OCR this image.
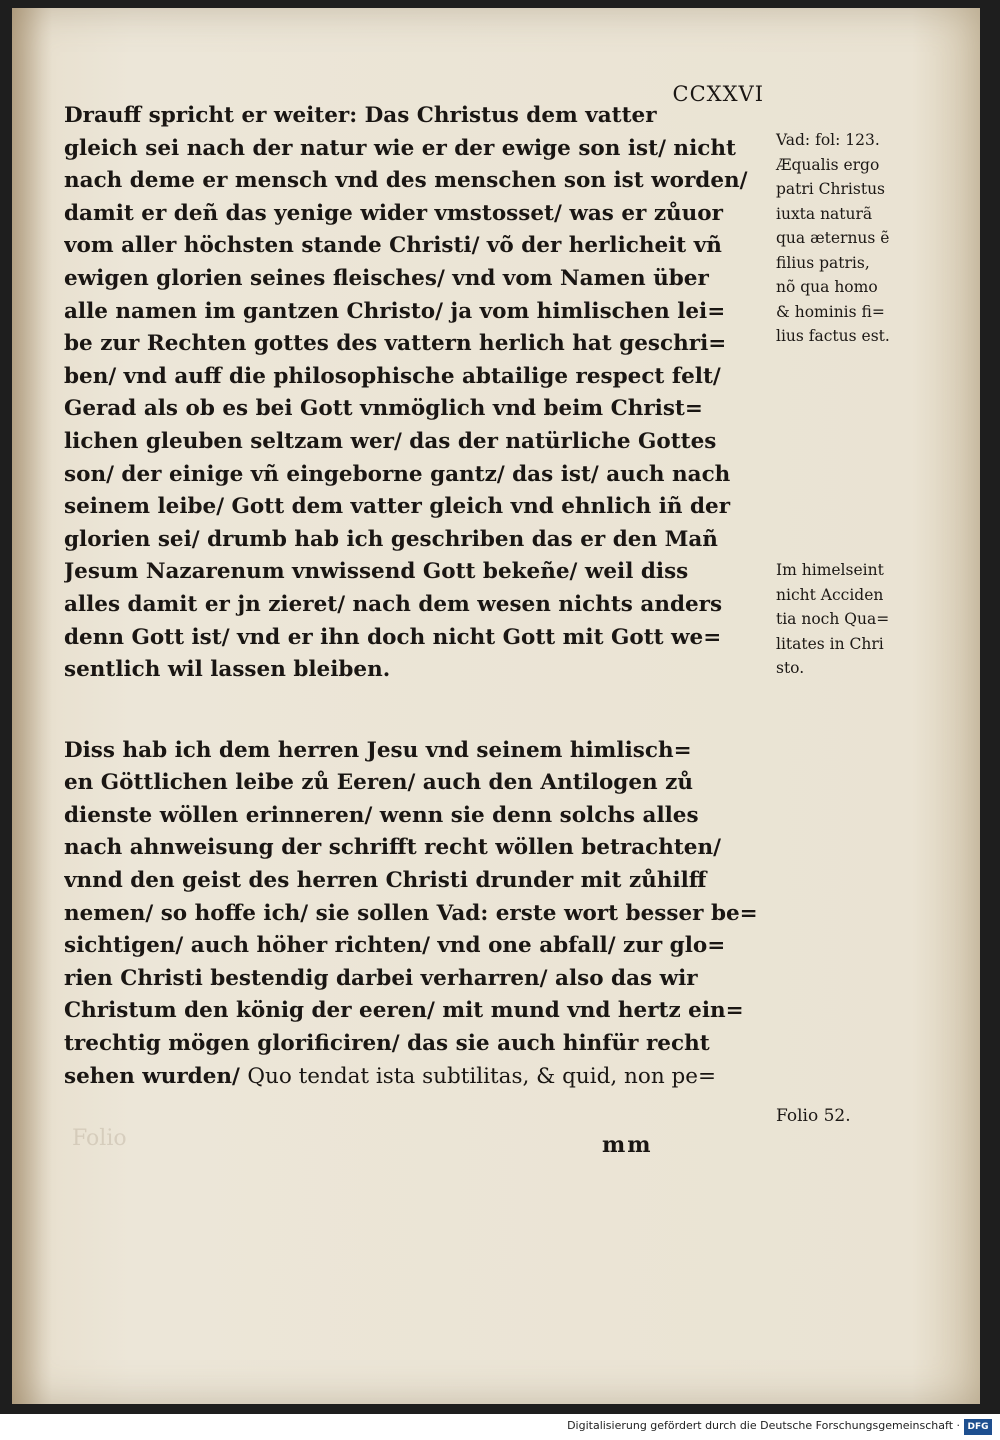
CCXXVI
Drauff spricht er weiter: Das Christus dem vatter
gleich sei nach der natur wie er der ewige son ist/ nicht
nach deme er mensch vnd des menschen son ist worden/
damit er deñ das yenige wider vmstosset/ was er zůuor
vom aller höchsten stande Christi/ võ der herlicheit vñ
ewigen glorien seines fleisches/ vnd vom Namen über
alle namen im gantzen Christo/ ja vom himlischen lei=
be zur Rechten gottes des vattern herlich hat geschri=
ben/ vnd auff die philosophische abtailige respect felt/
Gerad als ob es bei Gott vnmöglich vnd beim Christ=
lichen gleuben seltzam wer/ das der natürliche Gottes
son/ der einige vñ eingeborne gantz/ das ist/ auch nach
seinem leibe/ Gott dem vatter gleich vnd ehnlich iñ der
glorien sei/ drumb hab ich geschriben das er den Mañ
Jesum Nazarenum vnwissend Gott bekeñe/ weil diss
alles damit er jn zieret/ nach dem wesen nichts anders
denn Gott ist/ vnd er ihn doch nicht Gott mit Gott we=
sentlich wil lassen bleiben.
Diss hab ich dem herren Jesu vnd seinem himlisch=
en Göttlichen leibe zů Eeren/ auch den Antilogen zů
dienste wöllen erinneren/ wenn sie denn solchs alles
nach ahnweisung der schrifft recht wöllen betrachten/
vnnd den geist des herren Christi drunder mit zůhilff
nemen/ so hoffe ich/ sie sollen Vad: erste wort besser be=
sichtigen/ auch höher richten/ vnd one abfall/ zur glo=
rien Christi bestendig darbei verharren/ also das wir
Christum den könig der eeren/ mit mund vnd hertz ein=
trechtig mögen glorificiren/ das sie auch hinfür recht
sehen wurden/ Quo tendat ista subtilitas, & quid, non pe=
Vad: fol: 123.
Æqualis ergo
patri Christus
iuxta naturã
qua æternus ẽ
filius patris,
nõ qua homo
& hominis fi=
lius factus est.
Im himelseint
nicht Acciden
tia noch Qua=
litates in Chri
sto.
Folio 52.
mm
Folio
Digitalisierung gefördert durch die Deutsche Forschungsgemeinschaft · DFG
